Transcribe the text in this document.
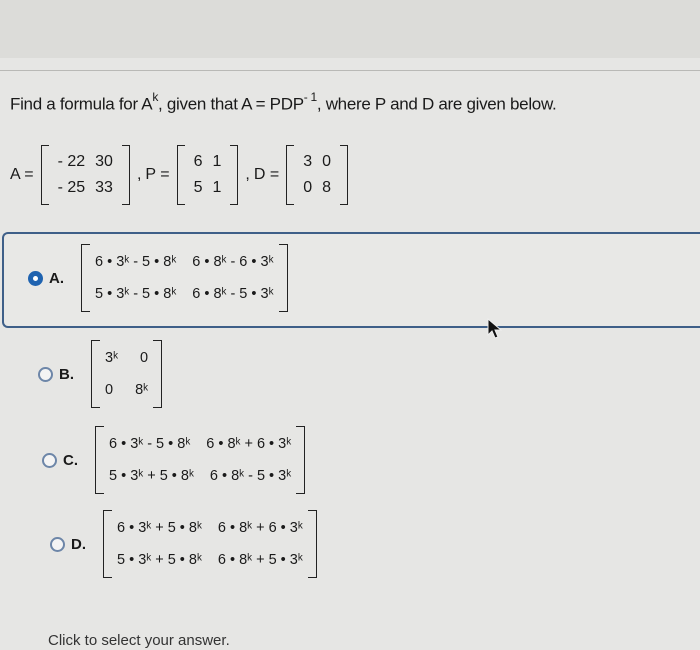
Find a formula for $A^k$, given that $A = PDP^{- 1}$, where P and D are given below.
A =
- 22 30
- 25 33
, P =
6 1
5 1
, D =
3 0
0 8
A.
6 • 3ᵏ - 5 • 8ᵏ	6 • 8ᵏ - 6 • 3ᵏ
5 • 3ᵏ - 5 • 8ᵏ	6 • 8ᵏ - 5 • 3ᵏ
B.
3ᵏ	0
0	8ᵏ
C.
6 • 3ᵏ - 5 • 8ᵏ	6 • 8ᵏ + 6 • 3ᵏ
5 • 3ᵏ + 5 • 8ᵏ	6 • 8ᵏ - 5 • 3ᵏ
D.
6 • 3ᵏ + 5 • 8ᵏ	6 • 8ᵏ + 6 • 3ᵏ
5 • 3ᵏ + 5 • 8ᵏ	6 • 8ᵏ + 5 • 3ᵏ
Click to select your answer.
